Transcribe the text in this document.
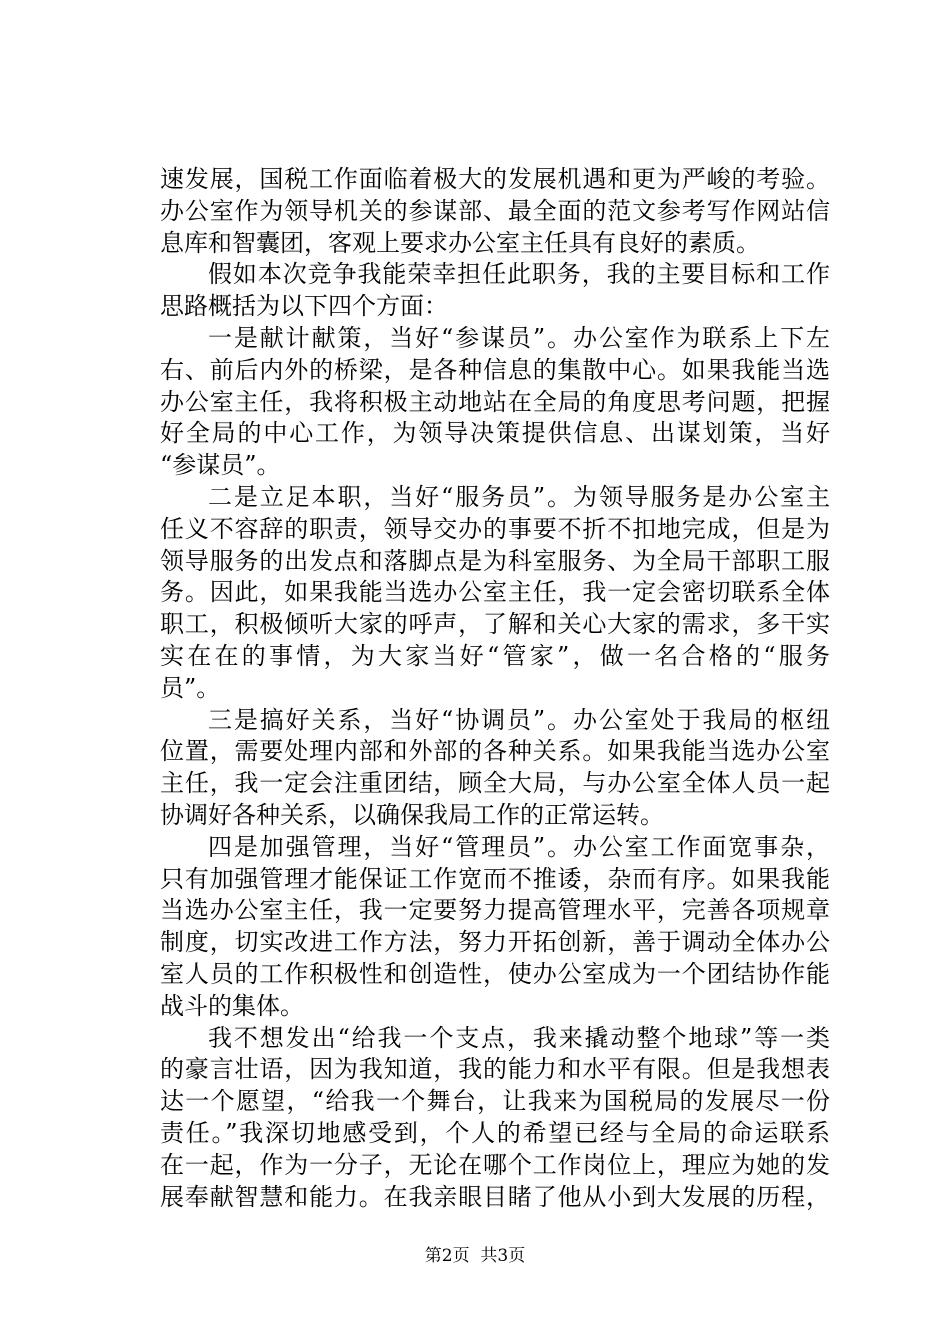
速发展，国税工作面临着极大的发展机遇和更为严峻的考验。
办公室作为领导机关的参谋部、最全面的范文参考写作网站信
息库和智囊团，客观上要求办公室主任具有良好的素质。
假如本次竞争我能荣幸担任此职务，我的主要目标和工作
思路概括为以下四个方面：
一是献计献策，当好“参谋员”。办公室作为联系上下左
右、前后内外的桥梁，是各种信息的集散中心。如果我能当选
办公室主任，我将积极主动地站在全局的角度思考问题，把握
好全局的中心工作，为领导决策提供信息、出谋划策，当好
“参谋员”。
二是立足本职，当好“服务员”。为领导服务是办公室主
任义不容辞的职责，领导交办的事要不折不扣地完成，但是为
领导服务的出发点和落脚点是为科室服务、为全局干部职工服
务。因此，如果我能当选办公室主任，我一定会密切联系全体
职工，积极倾听大家的呼声，了解和关心大家的需求，多干实
实在在的事情，为大家当好“管家”，做一名合格的“服务
员”。
三是搞好关系，当好“协调员”。办公室处于我局的枢纽
位置，需要处理内部和外部的各种关系。如果我能当选办公室
主任，我一定会注重团结，顾全大局，与办公室全体人员一起
协调好各种关系，以确保我局工作的正常运转。
四是加强管理，当好“管理员”。办公室工作面宽事杂，
只有加强管理才能保证工作宽而不推诿，杂而有序。如果我能
当选办公室主任，我一定要努力提高管理水平，完善各项规章
制度，切实改进工作方法，努力开拓创新，善于调动全体办公
室人员的工作积极性和创造性，使办公室成为一个团结协作能
战斗的集体。
我不想发出“给我一个支点，我来撬动整个地球”等一类
的豪言壮语，因为我知道，我的能力和水平有限。但是我想表
达一个愿望，“给我一个舞台，让我来为国税局的发展尽一份
责任。”我深切地感受到，个人的希望已经与全局的命运联系
在一起，作为一分子，无论在哪个工作岗位上，理应为她的发
展奉献智慧和能力。在我亲眼目睹了他从小到大发展的历程，
第2页  共3页
